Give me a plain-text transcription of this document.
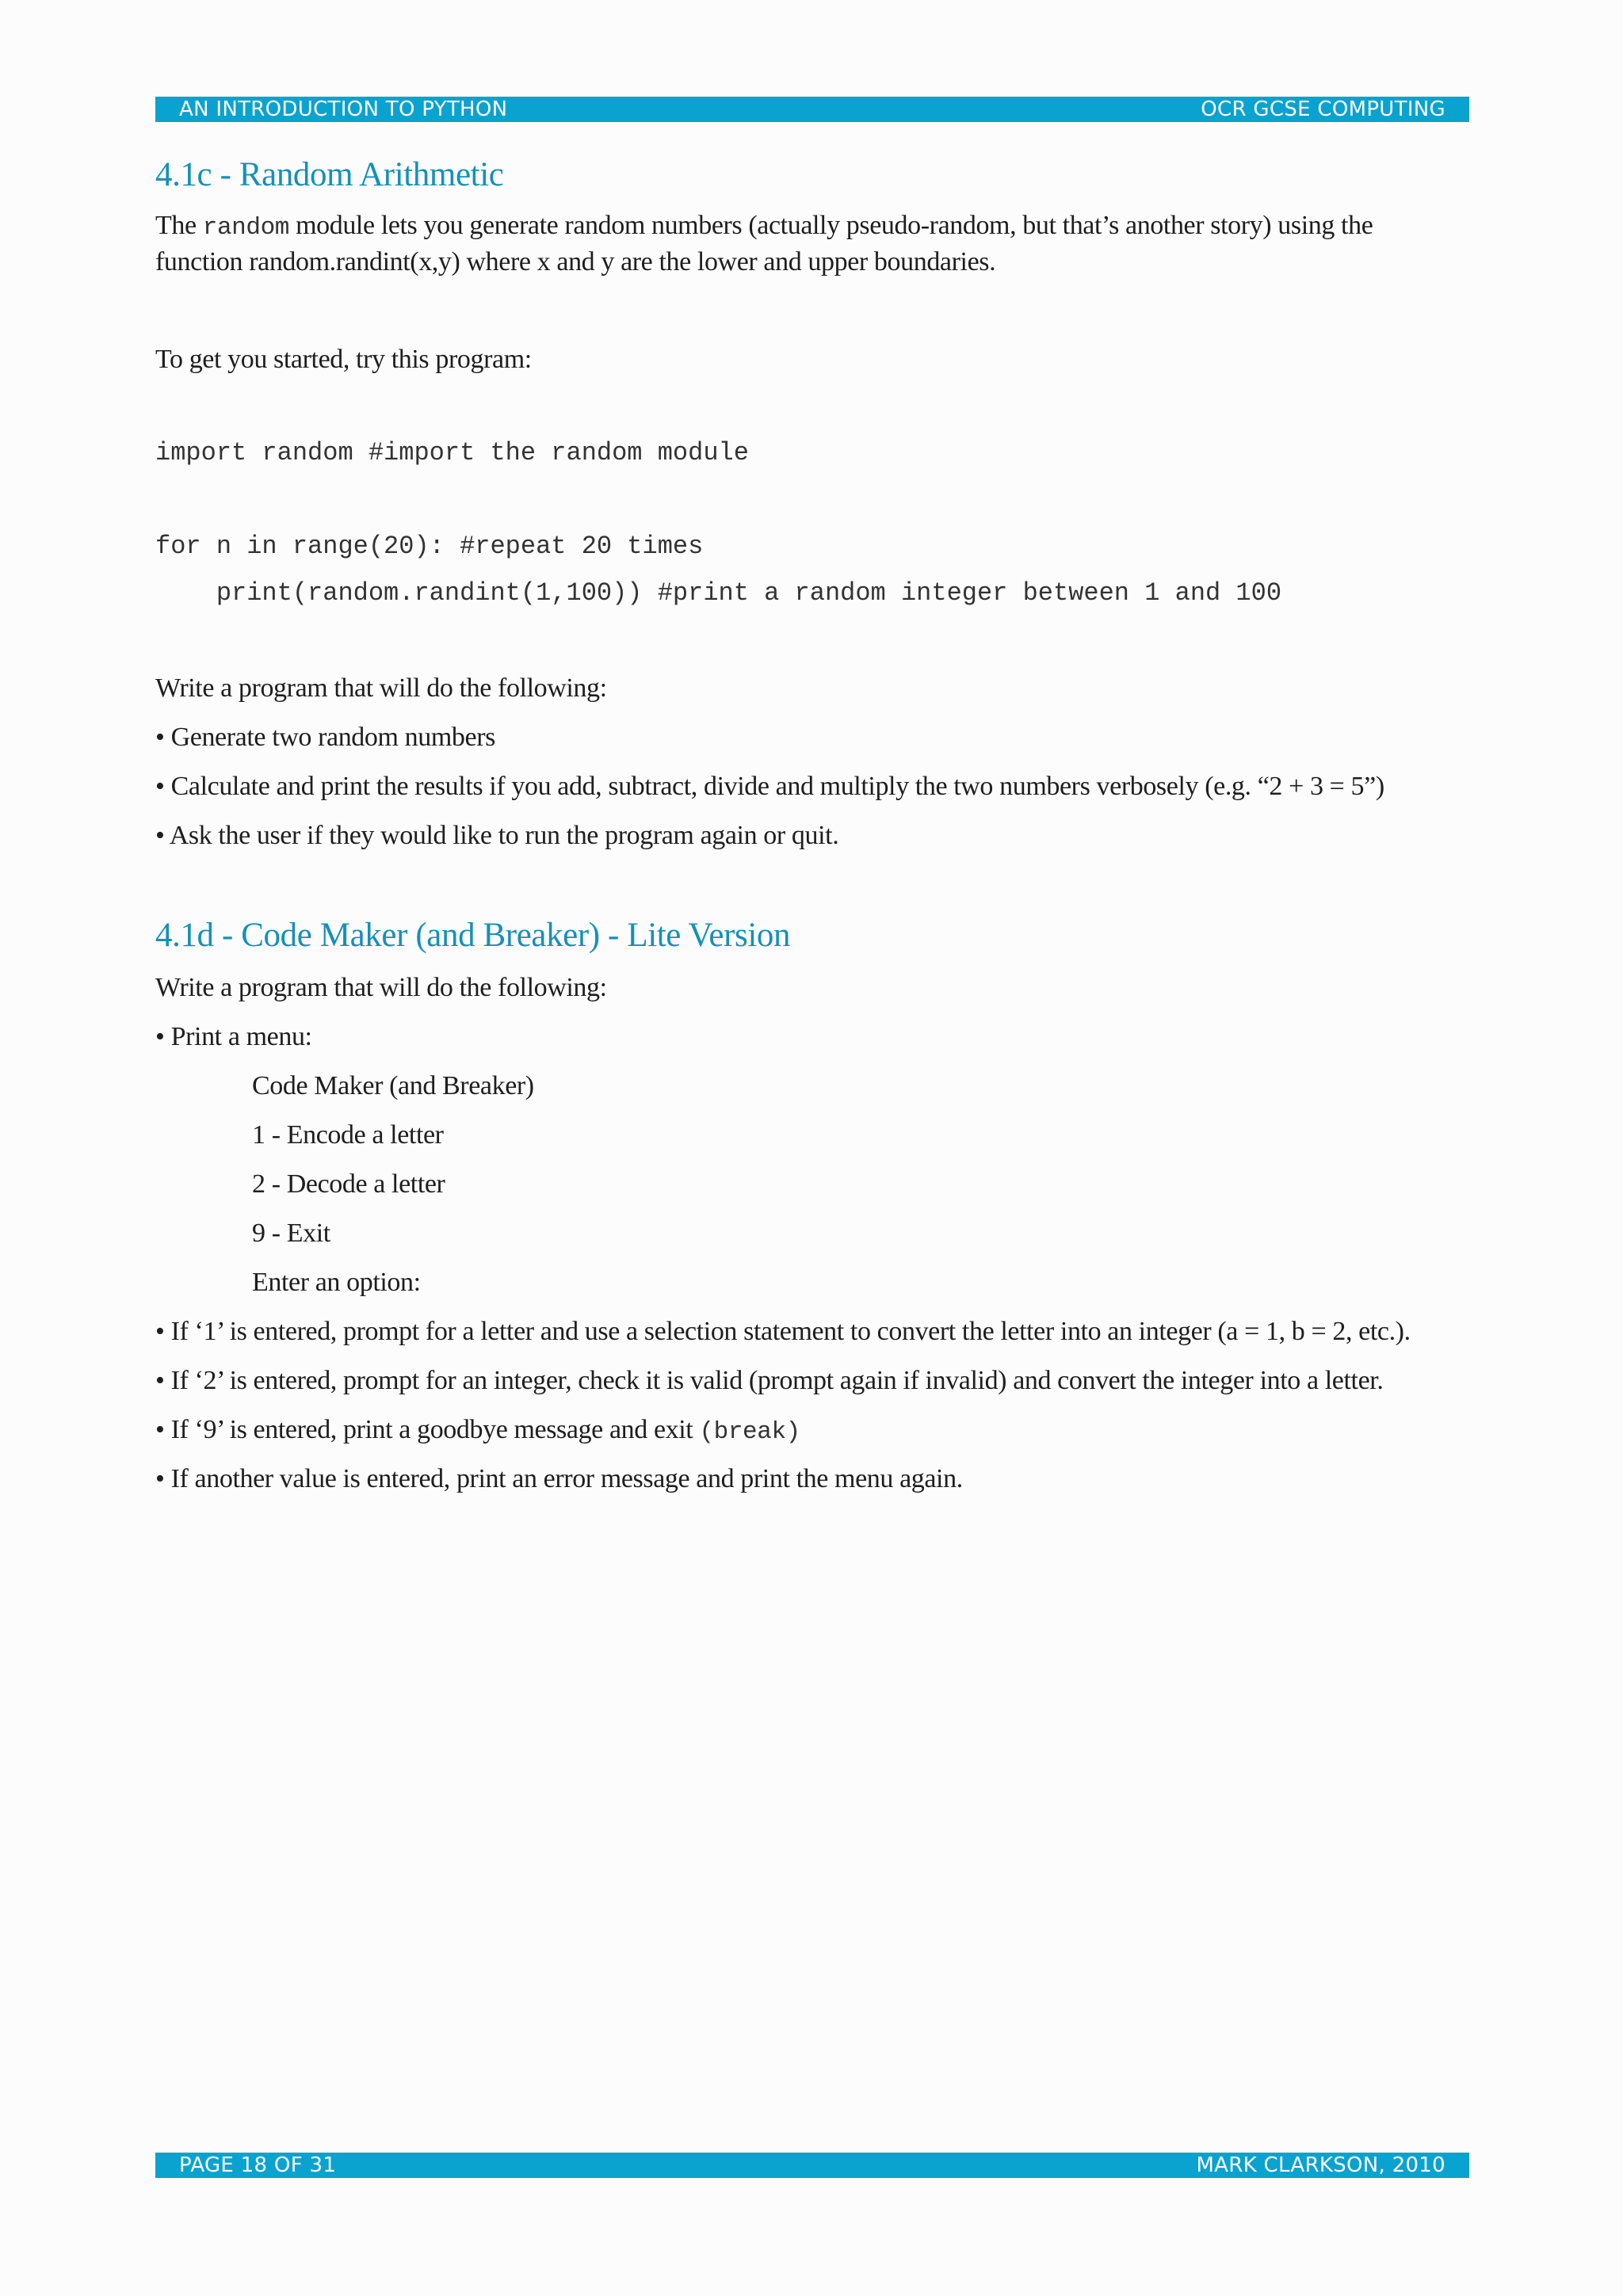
AN INTRODUCTION TO PYTHON	OCR GCSE COMPUTING
4.1c - Random Arithmetic
The random module lets you generate random numbers (actually pseudo-random, but that’s another story) using the
function random.randint(x,y) where x and y are the lower and upper boundaries.
To get you started, try this program:
import random #import the random module
for n in range(20): #repeat 20 times
print(random.randint(1,100)) #print a random integer between 1 and 100
Write a program that will do the following:
• Generate two random numbers
• Calculate and print the results if you add, subtract, divide and multiply the two numbers verbosely (e.g. “2 + 3 = 5”)
• Ask the user if they would like to run the program again or quit.
4.1d - Code Maker (and Breaker) - Lite Version
Write a program that will do the following:
• Print a menu:
Code Maker (and Breaker)
1 - Encode a letter
2 - Decode a letter
9 - Exit
Enter an option:
• If ‘1’ is entered, prompt for a letter and use a selection statement to convert the letter into an integer (a = 1, b = 2, etc.).
• If ‘2’ is entered, prompt for an integer, check it is valid (prompt again if invalid) and convert the integer into a letter.
• If ‘9’ is entered, print a goodbye message and exit (break)
• If another value is entered, print an error message and print the menu again.
PAGE 18 OF 31	MARK CLARKSON, 2010
